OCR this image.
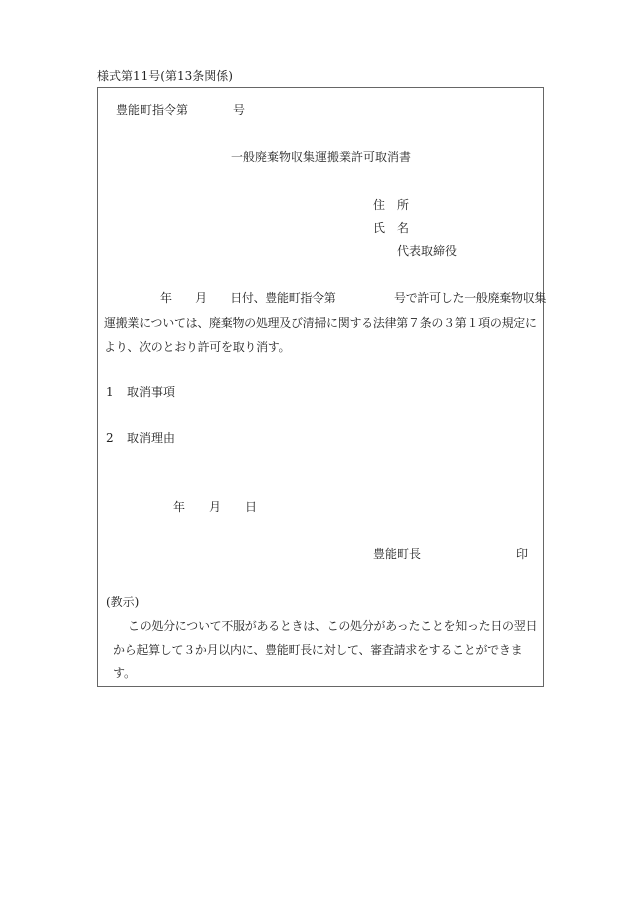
様式第11号(第13条関係)
豊能町指令第	号
一般廃棄物収集運搬業許可取消書
住　所
氏　名
代表取締役
年　　月　　日付、豊能町指令第　　　　　号で許可した一般廃棄物収集
運搬業については、廃棄物の処理及び清掃に関する法律第７条の３第１項の規定に
より、次のとおり許可を取り消す。
1 取消事項
2 取消理由
年　　月　　日
豊能町長	印
(教示)
この処分について不服があるときは、この処分があったことを知った日の翌日
から起算して３か月以内に、豊能町長に対して、審査請求をすることができま
す。
